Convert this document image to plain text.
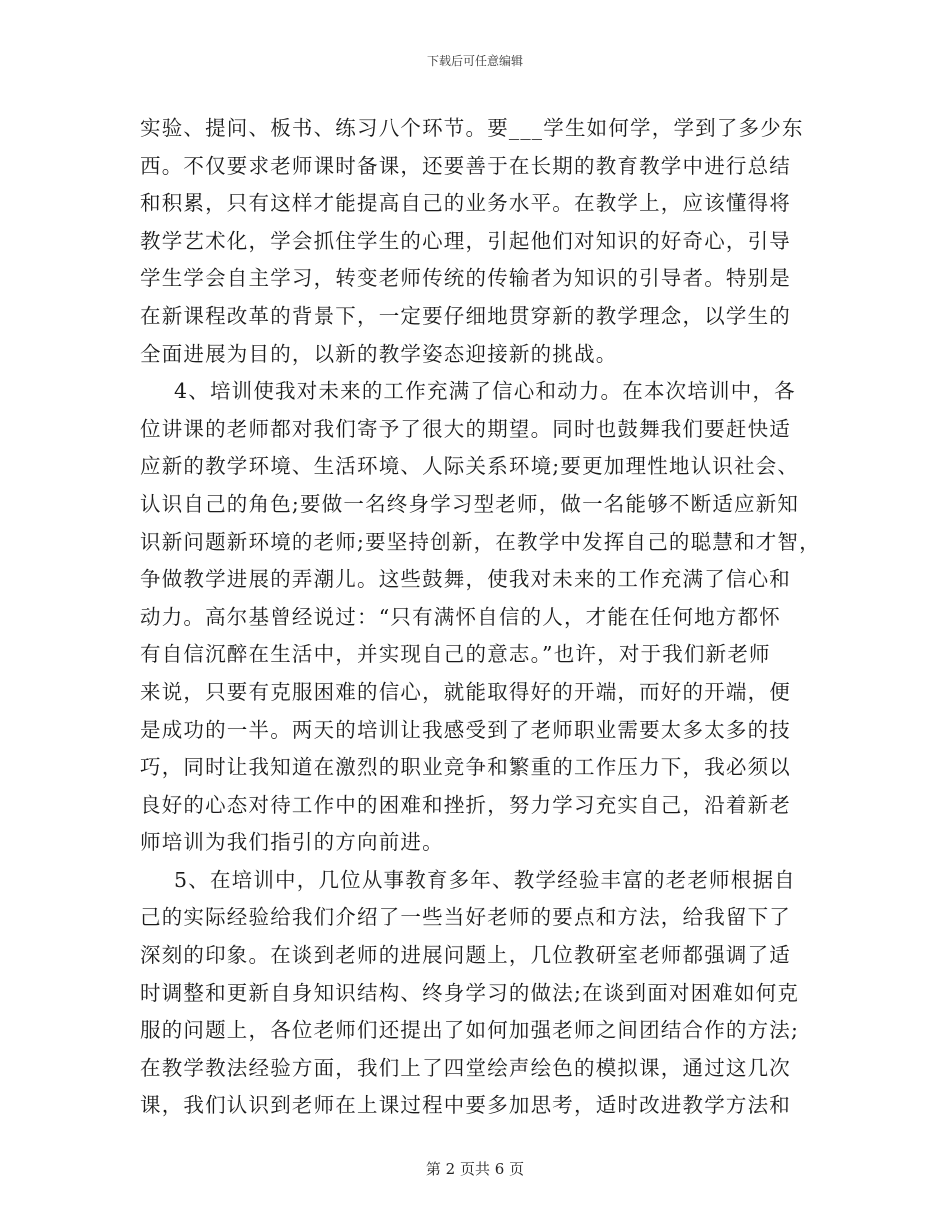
下载后可任意编辑
实验、提问、板书、练习八个环节。要___学生如何学，学到了多少东
西。不仅要求老师课时备课，还要善于在长期的教育教学中进行总结
和积累，只有这样才能提高自己的业务水平。在教学上，应该懂得将
教学艺术化，学会抓住学生的心理，引起他们对知识的好奇心，引导
学生学会自主学习，转变老师传统的传输者为知识的引导者。特别是
在新课程改革的背景下，一定要仔细地贯穿新的教学理念，以学生的
全面进展为目的，以新的教学姿态迎接新的挑战。
4、培训使我对未来的工作充满了信心和动力。在本次培训中，各
位讲课的老师都对我们寄予了很大的期望。同时也鼓舞我们要赶快适
应新的教学环境、生活环境、人际关系环境;要更加理性地认识社会、
认识自己的角色;要做一名终身学习型老师，做一名能够不断适应新知
识新问题新环境的老师;要坚持创新，在教学中发挥自己的聪慧和才智，
争做教学进展的弄潮儿。这些鼓舞，使我对未来的工作充满了信心和
动力。高尔基曾经说过：“只有满怀自信的人，才能在任何地方都怀
有自信沉醉在生活中，并实现自己的意志。”也许，对于我们新老师
来说，只要有克服困难的信心，就能取得好的开端，而好的开端，便
是成功的一半。两天的培训让我感受到了老师职业需要太多太多的技
巧，同时让我知道在激烈的职业竞争和繁重的工作压力下，我必须以
良好的心态对待工作中的困难和挫折，努力学习充实自己，沿着新老
师培训为我们指引的方向前进。
5、在培训中，几位从事教育多年、教学经验丰富的老老师根据自
己的实际经验给我们介绍了一些当好老师的要点和方法，给我留下了
深刻的印象。在谈到老师的进展问题上，几位教研室老师都强调了适
时调整和更新自身知识结构、终身学习的做法;在谈到面对困难如何克
服的问题上，各位老师们还提出了如何加强老师之间团结合作的方法;
在教学教法经验方面，我们上了四堂绘声绘色的模拟课，通过这几次
课，我们认识到老师在上课过程中要多加思考，适时改进教学方法和
第 2 页共 6 页
